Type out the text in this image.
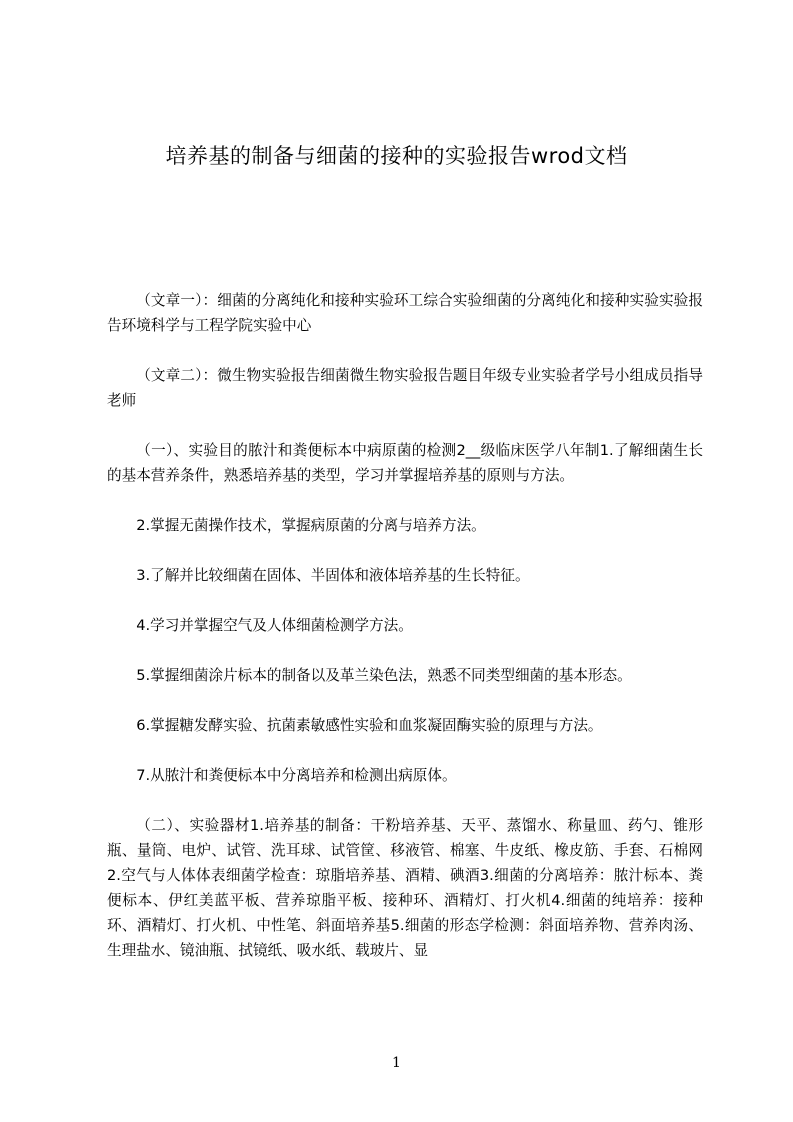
培养基的制备与细菌的接种的实验报告wrod文档

（文章一）：细菌的分离纯化和接种实验环工综合实验细菌的分离纯化和接种实验实验报告环境科学与工程学院实验中心

（文章二）：微生物实验报告细菌微生物实验报告题目年级专业实验者学号小组成员指导老师

（一）、实验目的脓汁和粪便标本中病原菌的检测2__级临床医学八年制1.了解细菌生长的基本营养条件，熟悉培养基的类型，学习并掌握培养基的原则与方法。

2.掌握无菌操作技术，掌握病原菌的分离与培养方法。

3.了解并比较细菌在固体、半固体和液体培养基的生长特征。

4.学习并掌握空气及人体细菌检测学方法。

5.掌握细菌涂片标本的制备以及革兰染色法，熟悉不同类型细菌的基本形态。

6.掌握糖发酵实验、抗菌素敏感性实验和血浆凝固酶实验的原理与方法。

7.从脓汁和粪便标本中分离培养和检测出病原体。

（二）、实验器材1.培养基的制备：干粉培养基、天平、蒸馏水、称量皿、药勺、锥形瓶、量筒、电炉、试管、洗耳球、试管筐、移液管、棉塞、牛皮纸、橡皮筋、手套、石棉网2.空气与人体体表细菌学检查：琼脂培养基、酒精、碘酒3.细菌的分离培养：脓汁标本、粪便标本、伊红美蓝平板、营养琼脂平板、接种环、酒精灯、打火机4.细菌的纯培养：接种环、酒精灯、打火机、中性笔、斜面培养基5.细菌的形态学检测：斜面培养物、营养肉汤、生理盐水、镜油瓶、拭镜纸、吸水纸、载玻片、显

1
